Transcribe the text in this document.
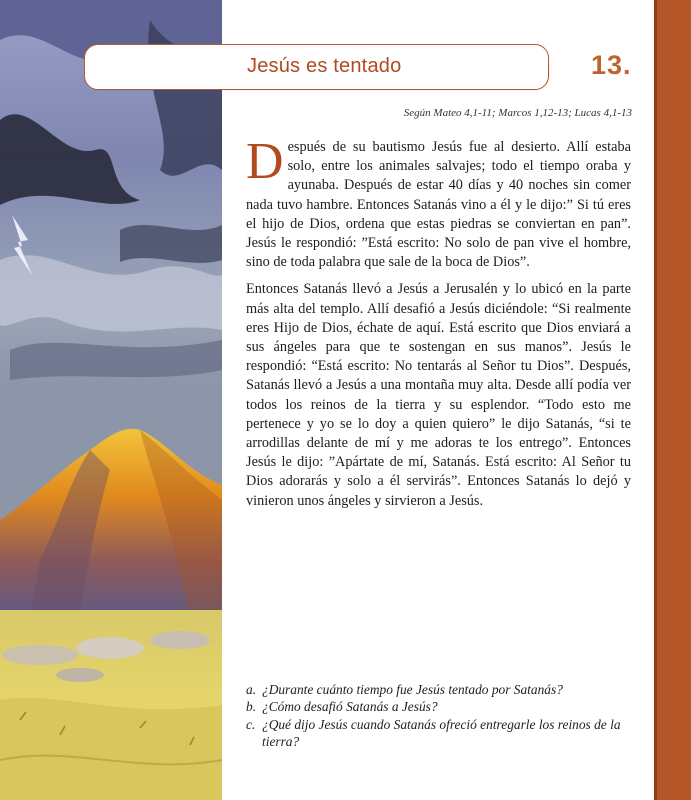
Jesús es tentado	13.
Según Mateo 4,1-11; Marcos 1,12-13; Lucas 4,1-13

Después de su bautismo Jesús fue al desierto. Allí estaba solo, entre los animales salvajes; todo el tiempo oraba y ayunaba. Después de estar 40 días y 40 noches sin comer nada tuvo hambre. Entonces Satanás vino a él y le dijo:” Si tú eres el hijo de Dios, ordena que estas piedras se conviertan en pan”. Jesús le respondió: ”Está escrito: No solo de pan vive el hombre, sino de toda palabra que sale de la boca de Dios”.

Entonces Satanás llevó a Jesús a Jerusalén y lo ubicó en la parte más alta del templo. Allí desafió a Jesús diciéndole: “Si realmente eres Hijo de Dios, échate de aquí. Está escrito que Dios enviará a sus ángeles para que te sostengan en sus manos”. Jesús le respondió: “Está escrito: No tentarás al Señor tu Dios”. Después, Satanás llevó a Jesús a una montaña muy alta. Desde allí podía ver todos los reinos de la tierra y su esplendor. “Todo esto me pertenece y yo se lo doy a quien quiero” le dijo Satanás, “si te arrodillas delante de mí y me adoras te los entrego”. Entonces Jesús le dijo: ”Apártate de mí, Satanás. Está escrito: Al Señor tu Dios adorarás y solo a él servirás”. Entonces Satanás lo dejó y vinieron unos ángeles y sirvieron a Jesús.

a. ¿Durante cuánto tiempo fue Jesús tentado por Satanás?
b. ¿Cómo desafió Satanás a Jesús?
c. ¿Qué dijo Jesús cuando Satanás ofreció entregarle los reinos de la tierra?
